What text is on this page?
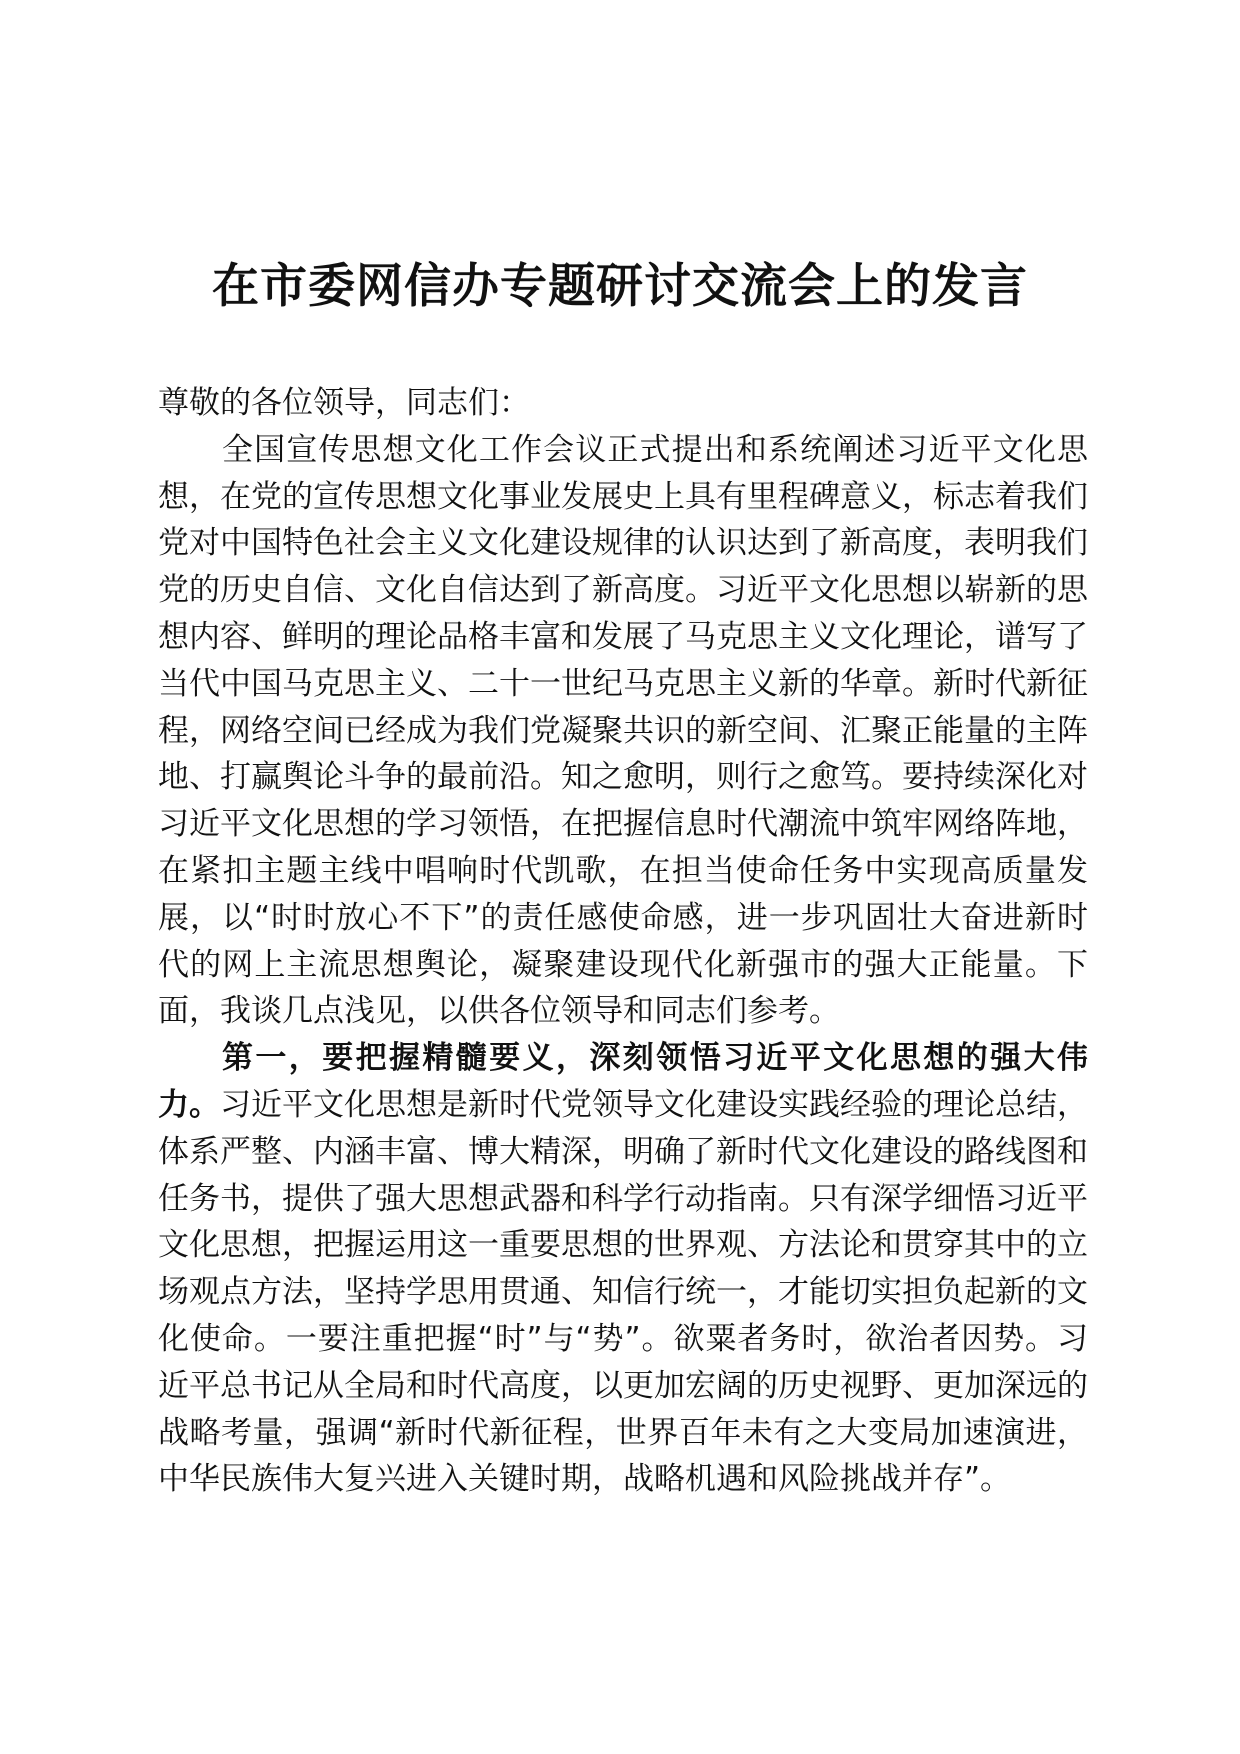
在市委网信办专题研讨交流会上的发言

尊敬的各位领导，同志们：

全国宣传思想文化工作会议正式提出和系统阐述习近平文化思想，在党的宣传思想文化事业发展史上具有里程碑意义，标志着我们党对中国特色社会主义文化建设规律的认识达到了新高度，表明我们党的历史自信、文化自信达到了新高度。习近平文化思想以崭新的思想内容、鲜明的理论品格丰富和发展了马克思主义文化理论，谱写了当代中国马克思主义、二十一世纪马克思主义新的华章。新时代新征程，网络空间已经成为我们党凝聚共识的新空间、汇聚正能量的主阵地、打赢舆论斗争的最前沿。知之愈明，则行之愈笃。要持续深化对习近平文化思想的学习领悟，在把握信息时代潮流中筑牢网络阵地，在紧扣主题主线中唱响时代凯歌，在担当使命任务中实现高质量发展，以“时时放心不下”的责任感使命感，进一步巩固壮大奋进新时代的网上主流思想舆论，凝聚建设现代化新强市的强大正能量。下面，我谈几点浅见，以供各位领导和同志们参考。

第一，要把握精髓要义，深刻领悟习近平文化思想的强大伟力。习近平文化思想是新时代党领导文化建设实践经验的理论总结，体系严整、内涵丰富、博大精深，明确了新时代文化建设的路线图和任务书，提供了强大思想武器和科学行动指南。只有深学细悟习近平文化思想，把握运用这一重要思想的世界观、方法论和贯穿其中的立场观点方法，坚持学思用贯通、知信行统一，才能切实担负起新的文化使命。一要注重把握“时”与“势”。欲粟者务时，欲治者因势。习近平总书记从全局和时代高度，以更加宏阔的历史视野、更加深远的战略考量，强调“新时代新征程，世界百年未有之大变局加速演进，中华民族伟大复兴进入关键时期，战略机遇和风险挑战并存”。
